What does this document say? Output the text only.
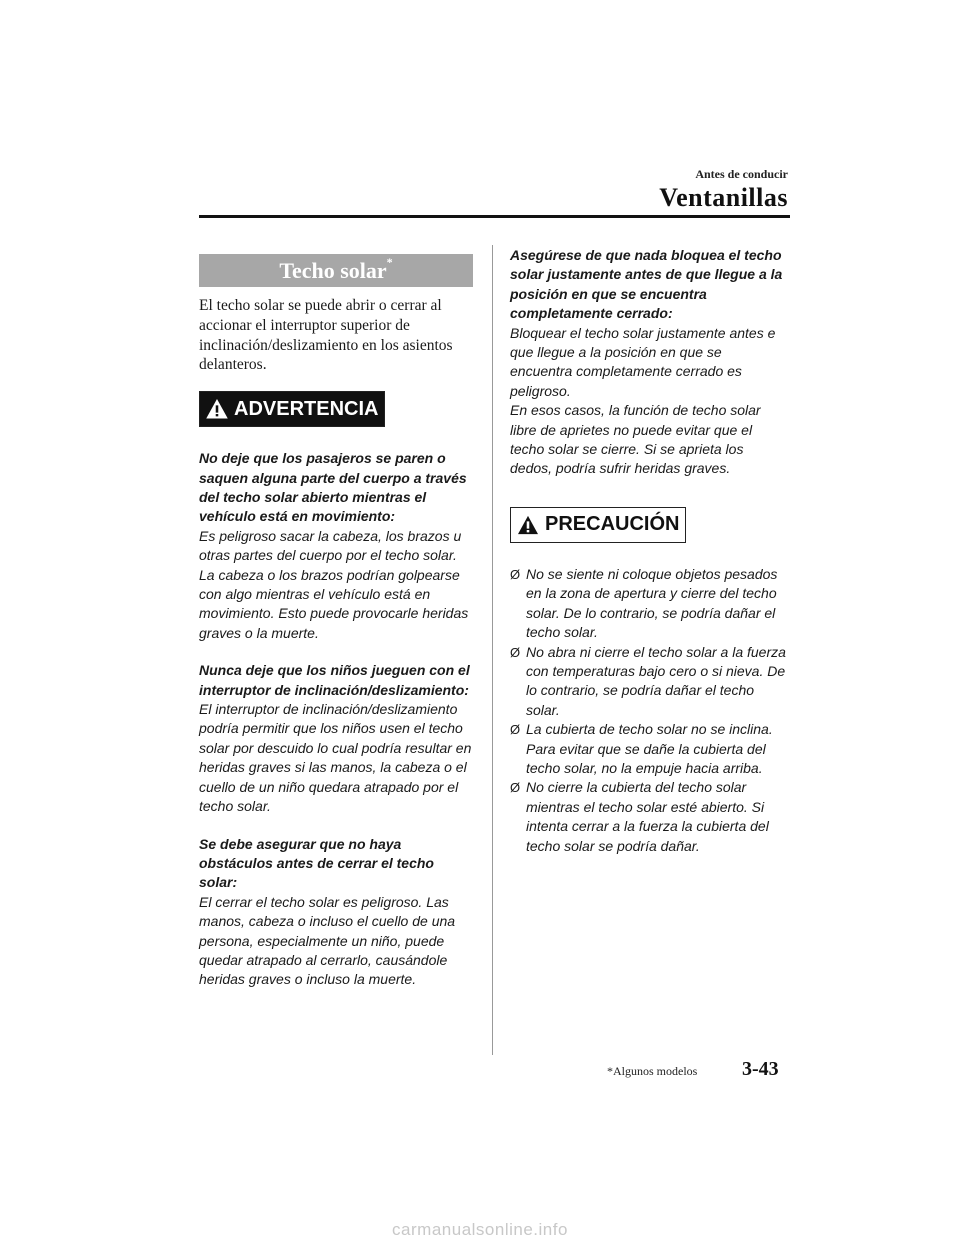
Antes de conducir
Ventanillas
Techo solar*
El techo solar se puede abrir o cerrar al accionar el interruptor superior de inclinación/deslizamiento en los asientos delanteros.
ADVERTENCIA
No deje que los pasajeros se paren o saquen alguna parte del cuerpo a través del techo solar abierto mientras el vehículo está en movimiento:

Es peligroso sacar la cabeza, los brazos u otras partes del cuerpo por el techo solar. La cabeza o los brazos podrían golpearse con algo mientras el vehículo está en movimiento. Esto puede provocarle heridas graves o la muerte.

Nunca deje que los niños jueguen con el interruptor de inclinación/deslizamiento:

El interruptor de inclinación/deslizamiento podría permitir que los niños usen el techo solar por descuido lo cual podría resultar en heridas graves si las manos, la cabeza o el cuello de un niño quedara atrapado por el techo solar.

Se debe asegurar que no haya obstáculos antes de cerrar el techo solar:

El cerrar el techo solar es peligroso. Las manos, cabeza o incluso el cuello de una persona, especialmente un niño, puede quedar atrapado al cerrarlo, causándole heridas graves o incluso la muerte.

Asegúrese de que nada bloquea el techo solar justamente antes de que llegue a la posición en que se encuentra completamente cerrado:

Bloquear el techo solar justamente antes e que llegue a la posición en que se encuentra completamente cerrado es peligroso.

En esos casos, la función de techo solar libre de aprietes no puede evitar que el techo solar se cierre. Si se aprieta los dedos, podría sufrir heridas graves.

PRECAUCIÓN
Ø No se siente ni coloque objetos pesados en la zona de apertura y cierre del techo solar. De lo contrario, se podría dañar el techo solar.
Ø No abra ni cierre el techo solar a la fuerza con temperaturas bajo cero o si nieva. De lo contrario, se podría dañar el techo solar.
Ø La cubierta de techo solar no se inclina. Para evitar que se dañe la cubierta del techo solar, no la empuje hacia arriba.
Ø No cierre la cubierta del techo solar mientras el techo solar esté abierto. Si intenta cerrar a la fuerza la cubierta del techo solar se podría dañar.
*Algunos modelos 3-43
carmanualsonline.info
